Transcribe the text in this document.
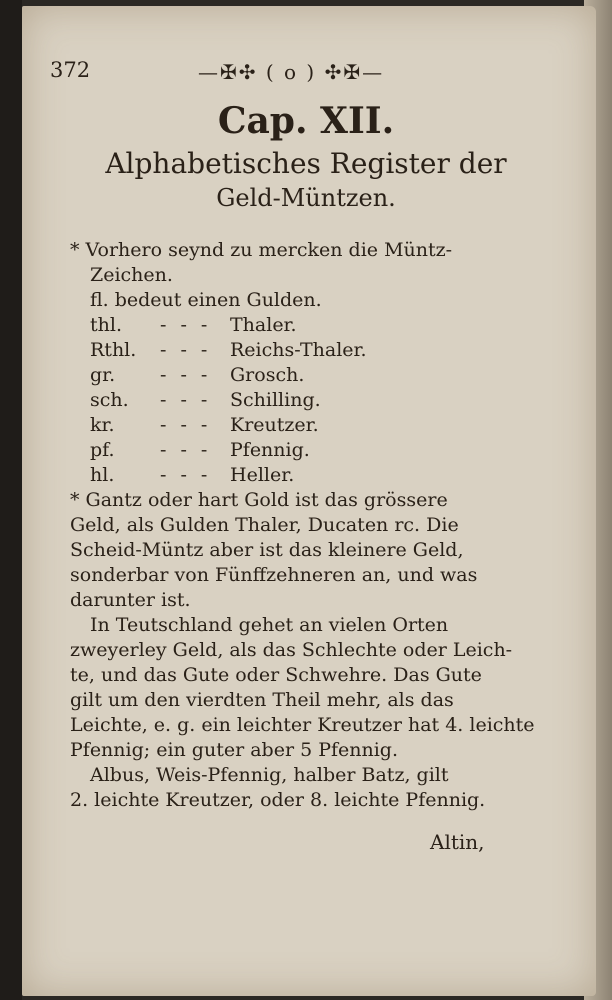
372	—✠✣ ( o ) ✣✠—
Cap. XII.
Alphabetisches Register der
Geld-Müntzen.
* Vorhero seynd zu mercken die Müntz-
Zeichen.
fl. bedeut einen Gulden.
thl.	- - - Thaler.
Rthl.	- - - Reichs-Thaler.
gr.	- - - Grosch.
sch.	- - - Schilling.
kr.	- - - Kreutzer.
pf.	- - - Pfennig.
hl.	- - - Heller.
* Gantz oder hart Gold ist das grössere
Geld, als Gulden Thaler, Ducaten rc. Die
Scheid-Müntz aber ist das kleinere Geld,
sonderbar von Fünffzehneren an, und was
darunter ist.
In Teutschland gehet an vielen Orten
zweyerley Geld, als das Schlechte oder Leich-
te, und das Gute oder Schwehre. Das Gute
gilt um den vierdten Theil mehr, als das
Leichte, e. g. ein leichter Kreutzer hat 4. leichte
Pfennig; ein guter aber 5 Pfennig.
Albus, Weis-Pfennig, halber Batz, gilt
2. leichte Kreutzer, oder 8. leichte Pfennig.
Altin,
